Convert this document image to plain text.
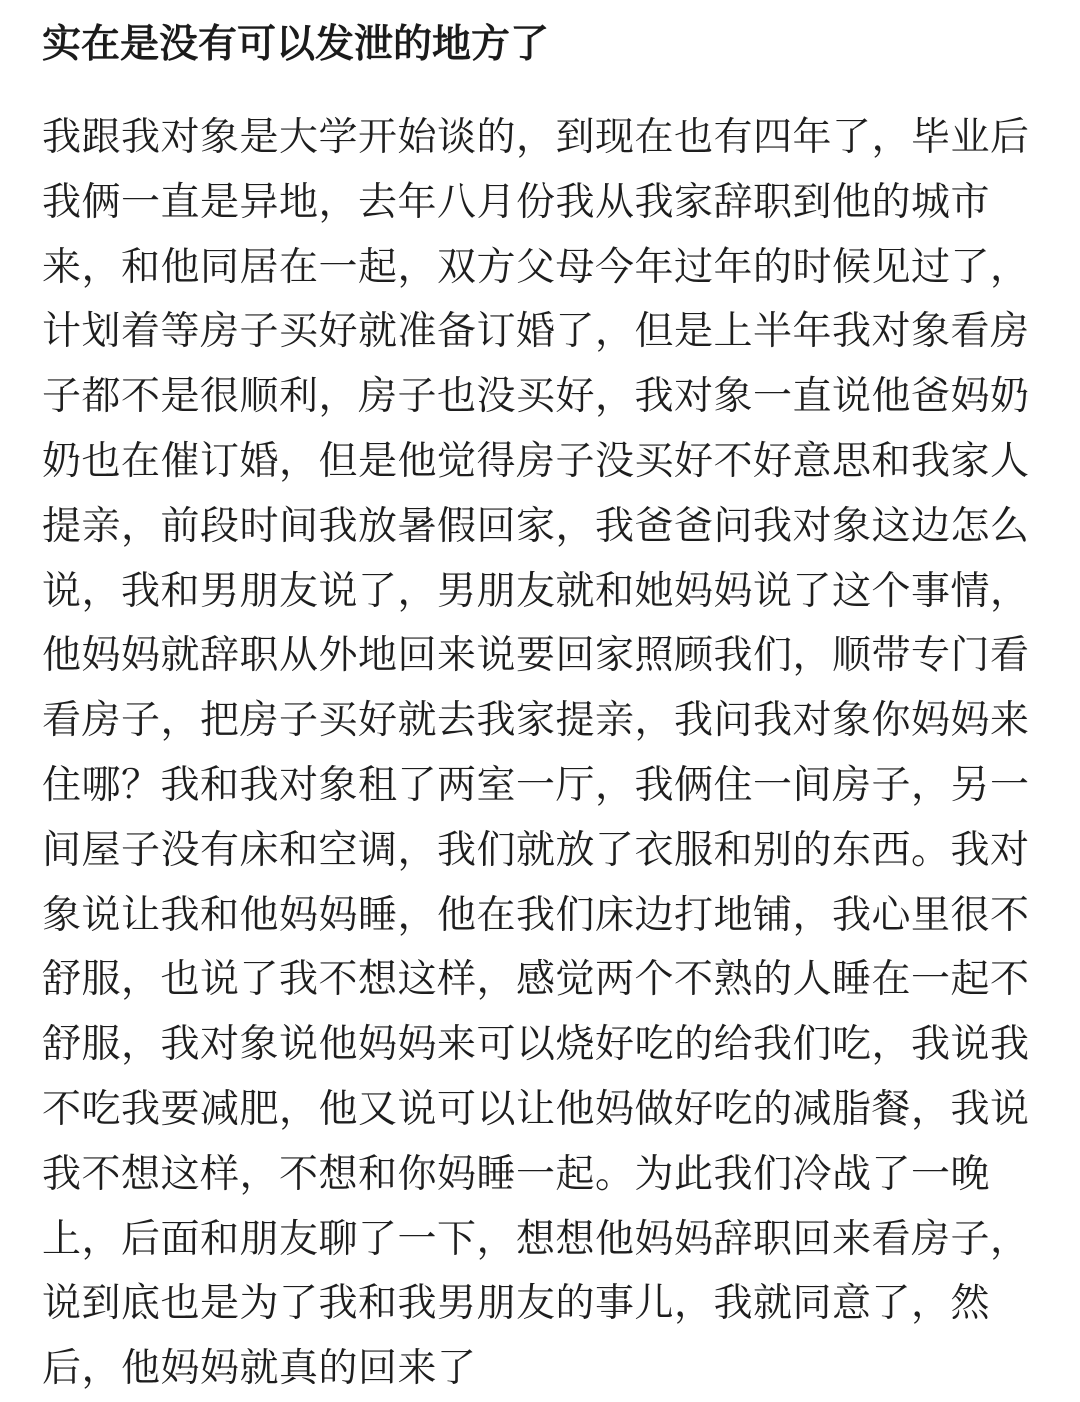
实在是没有可以发泄的地方了
我跟我对象是大学开始谈的，到现在也有四年了，毕业后
我俩一直是异地，去年八月份我从我家辞职到他的城市
来，和他同居在一起，双方父母今年过年的时候见过了，
计划着等房子买好就准备订婚了，但是上半年我对象看房
子都不是很顺利，房子也没买好，我对象一直说他爸妈奶
奶也在催订婚，但是他觉得房子没买好不好意思和我家人
提亲，前段时间我放暑假回家，我爸爸问我对象这边怎么
说，我和男朋友说了，男朋友就和她妈妈说了这个事情，
他妈妈就辞职从外地回来说要回家照顾我们，顺带专门看
看房子，把房子买好就去我家提亲，我问我对象你妈妈来
住哪？我和我对象租了两室一厅，我俩住一间房子，另一
间屋子没有床和空调，我们就放了衣服和别的东西。我对
象说让我和他妈妈睡，他在我们床边打地铺，我心里很不
舒服，也说了我不想这样，感觉两个不熟的人睡在一起不
舒服，我对象说他妈妈来可以烧好吃的给我们吃，我说我
不吃我要减肥，他又说可以让他妈做好吃的减脂餐，我说
我不想这样，不想和你妈睡一起。为此我们冷战了一晚
上，后面和朋友聊了一下，想想他妈妈辞职回来看房子，
说到底也是为了我和我男朋友的事儿，我就同意了，然
后，他妈妈就真的回来了
